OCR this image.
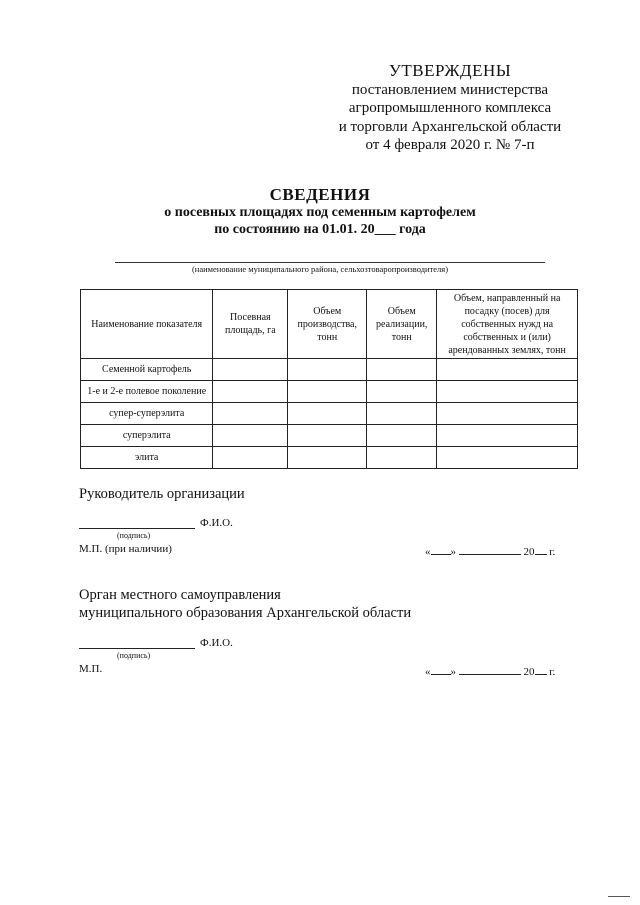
УТВЕРЖДЕНЫ
постановлением министерства
агропромышленного комплекса
и торговли Архангельской области
от 4 февраля 2020 г. № 7-п
СВЕДЕНИЯ
о посевных площадях под семенным картофелем
по состоянию на 01.01. 20___ года
(наименование муниципального района, сельхозтоваропроизводителя)
Наименование показателя	Посевная площадь, га	Объем производства, тонн	Объем реализации, тонн	Объем, направленный на посадку (посев) для собственных нужд на собственных и (или) арендованных землях, тонн
Семенной картофель				
1-е и 2-е полевое поколение				
супер-суперэлита				
суперэлита				
элита				
Руководитель организации
Ф.И.О.
(подпись)
М.П. (при наличии)	« »	20 г.
Орган местного самоуправления
муниципального образования Архангельской области
Ф.И.О.
(подпись)
М.П.	« »	20 г.
